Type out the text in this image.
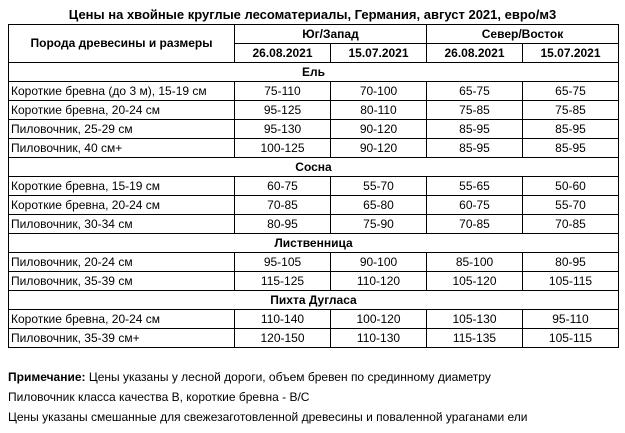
Цены на хвойные круглые лесоматериалы, Германия, август 2021, евро/м3
Порода древесины и размеры	Юг/Запад		Север/Восток	
	26.08.2021	15.07.2021	26.08.2021	15.07.2021
Ель				
Короткие бревна (до 3 м), 15-19 см	75-110	70-100	65-75	65-75
Короткие бревна, 20-24 см	95-125	80-110	75-85	75-85
Пиловочник, 25-29 см	95-130	90-120	85-95	85-95
Пиловочник, 40 см+	100-125	90-120	85-95	85-95
Сосна				
Короткие бревна, 15-19 см	60-75	55-70	55-65	50-60
Короткие бревна, 20-24 см	70-85	65-80	60-75	55-70
Пиловочник, 30-34 см	80-95	75-90	70-85	70-85
Лиственница				
Пиловочник, 20-24 см	95-105	90-100	85-100	80-95
Пиловочник, 35-39 см	115-125	110-120	105-120	105-115
Пихта Дугласа				
Короткие бревна, 20-24 см	110-140	100-120	105-130	95-110
Пиловочник, 35-39 см+	120-150	110-130	115-135	105-115
Примечание: Цены указаны у лесной дороги, объем бревен по срединному диаметру
Пиловочник класса качества B, короткие бревна - B/C
Цены указаны смешанные для свежезаготовленной древесины и поваленной ураганами ели
